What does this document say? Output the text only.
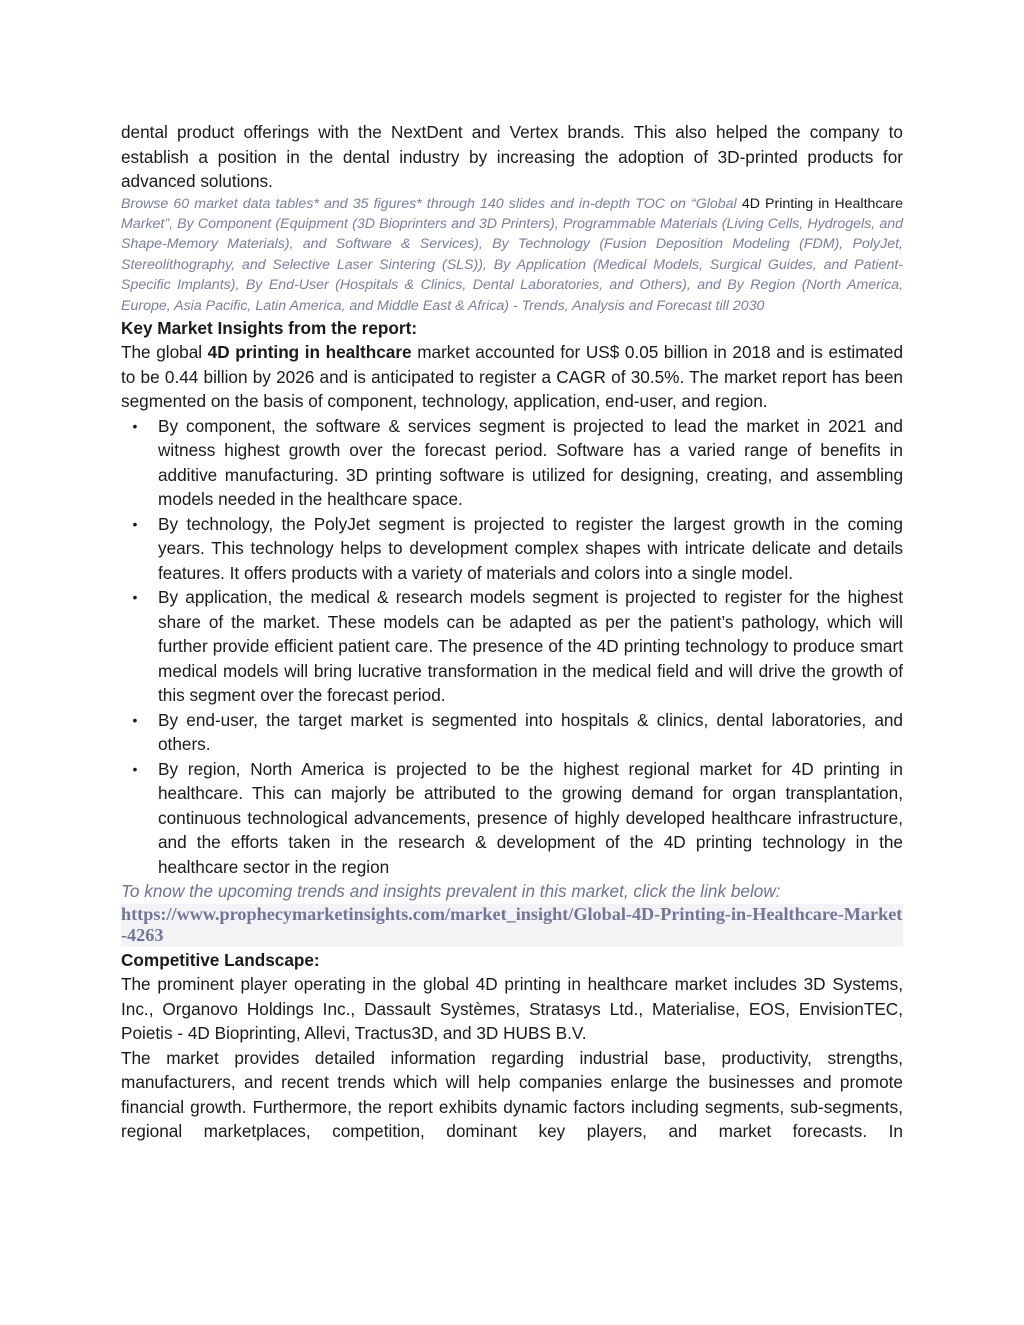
dental product offerings with the NextDent and Vertex brands. This also helped the company to establish a position in the dental industry by increasing the adoption of 3D-printed products for advanced solutions.

Browse 60 market data tables* and 35 figures* through 140 slides and in-depth TOC on “Global 4D Printing in Healthcare Market”, By Component (Equipment (3D Bioprinters and 3D Printers), Programmable Materials (Living Cells, Hydrogels, and Shape-Memory Materials), and Software & Services), By Technology (Fusion Deposition Modeling (FDM), PolyJet, Stereolithography, and Selective Laser Sintering (SLS)), By Application (Medical Models, Surgical Guides, and Patient-Specific Implants), By End-User (Hospitals & Clinics, Dental Laboratories, and Others), and By Region (North America, Europe, Asia Pacific, Latin America, and Middle East & Africa) - Trends, Analysis and Forecast till 2030

Key Market Insights from the report:

The global 4D printing in healthcare market accounted for US$ 0.05 billion in 2018 and is estimated to be 0.44 billion by 2026 and is anticipated to register a CAGR of 30.5%. The market report has been segmented on the basis of component, technology, application, end-user, and region.

• By component, the software & services segment is projected to lead the market in 2021 and witness highest growth over the forecast period. Software has a varied range of benefits in additive manufacturing. 3D printing software is utilized for designing, creating, and assembling models needed in the healthcare space.
• By technology, the PolyJet segment is projected to register the largest growth in the coming years. This technology helps to development complex shapes with intricate delicate and details features. It offers products with a variety of materials and colors into a single model.
• By application, the medical & research models segment is projected to register for the highest share of the market. These models can be adapted as per the patient’s pathology, which will further provide efficient patient care. The presence of the 4D printing technology to produce smart medical models will bring lucrative transformation in the medical field and will drive the growth of this segment over the forecast period.
• By end-user, the target market is segmented into hospitals & clinics, dental laboratories, and others.
• By region, North America is projected to be the highest regional market for 4D printing in healthcare. This can majorly be attributed to the growing demand for organ transplantation, continuous technological advancements, presence of highly developed healthcare infrastructure, and the efforts taken in the research & development of the 4D printing technology in the healthcare sector in the region

To know the upcoming trends and insights prevalent in this market, click the link below:

https://www.prophecymarketinsights.com/market_insight/Global-4D-Printing-in-Healthcare-Market-4263

Competitive Landscape:

The prominent player operating in the global 4D printing in healthcare market includes 3D Systems, Inc., Organovo Holdings Inc., Dassault Systèmes, Stratasys Ltd., Materialise, EOS, EnvisionTEC, Poietis - 4D Bioprinting, Allevi, Tractus3D, and 3D HUBS B.V.

The market provides detailed information regarding industrial base, productivity, strengths, manufacturers, and recent trends which will help companies enlarge the businesses and promote financial growth. Furthermore, the report exhibits dynamic factors including segments, sub-segments, regional marketplaces, competition, dominant key players, and market forecasts. In
